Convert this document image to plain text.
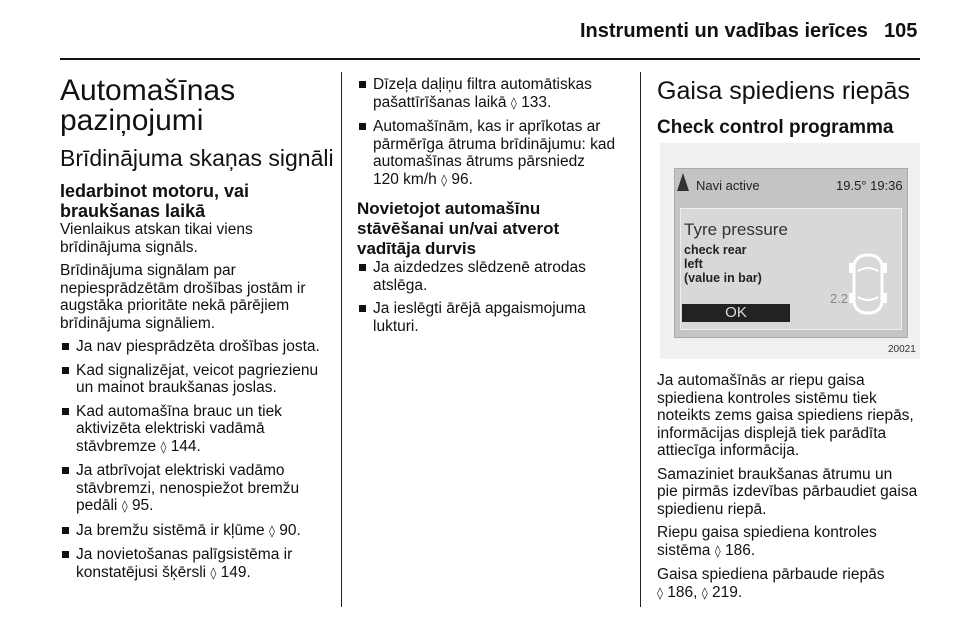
Instrumenti un vadības ierīces 105
Automašīnas
paziņojumi
Brīdinājuma skaņas signāli
Iedarbinot motoru, vai
braukšanas laikā

Vienlaikus atskan tikai viens
brīdinājuma signāls.

Brīdinājuma signālam par
nepiesprādzētām drošības jostām ir
augstāka prioritāte nekā pārējiem
brīdinājuma signāliem.

Ja nav piesprādzēta drošības josta.
Kad signalizējat, veicot pagriezienu
un mainot braukšanas joslas.
Kad automašīna brauc un tiek
aktivizēta elektriski vadāmā
stāvbremze ◊ 144.
Ja atbrīvojat elektriski vadāmo
stāvbremzi, nenospiežot bremžu
pedāli ◊ 95.
Ja bremžu sistēmā ir kļūme ◊ 90.
Ja novietošanas palīgsistēma ir
konstatējusi šķērsli ◊ 149.
Dīzeļa daļiņu filtra automātiskas
pašattīrīšanas laikā ◊ 133.
Automašīnām, kas ir aprīkotas ar
pārmērīga ātruma brīdinājumu: kad
automašīnas ātrums pārsniedz
120 km/h ◊ 96.
Novietojot automašīnu
stāvēšanai un/vai atverot
vadītāja durvis
Ja aizdedzes slēdzenē atrodas
atslēga.
Ja ieslēgti ārējā apgaismojuma
lukturi.
Gaisa spiediens riepās
Check control programma
Navi active	19.5° 19:36
Tyre pressure
check rear
left
(value in bar)
OK
2.2
20021

Ja automašīnās ar riepu gaisa
spiediena kontroles sistēmu tiek
noteikts zems gaisa spiediens riepās,
informācijas displejā tiek parādīta
attiecīga informācija.

Samaziniet braukšanas ātrumu un
pie pirmās izdevības pārbaudiet gaisa
spiedienu riepā.

Riepu gaisa spiediena kontroles
sistēma ◊ 186.

Gaisa spiediena pārbaude riepās
◊ 186, ◊ 219.
